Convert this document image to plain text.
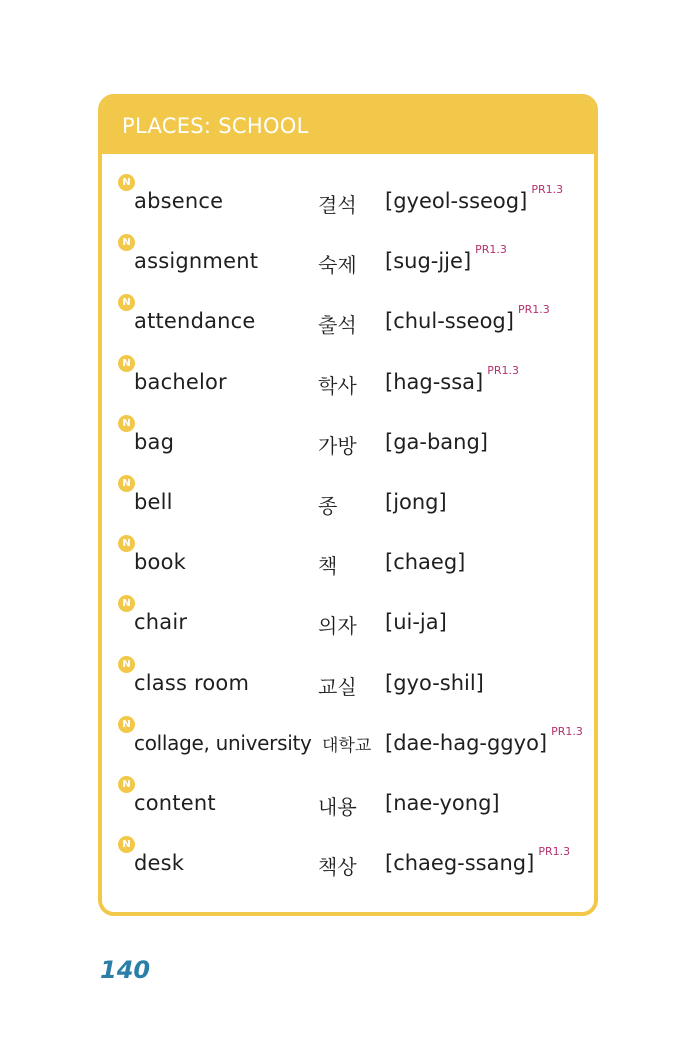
PLACES: SCHOOL
N
absence	결석 [gyeol-sseog] $^{PR1.3}$
N
assignment	숙제 [sug-jje] $^{PR1.3}$
N
attendance	출석 [chul-sseog] $^{PR1.3}$
N
bachelor	학사 [hag-ssa] $^{PR1.3}$
N
bag	가방 [ga-bang]
N
bell	종 [jong]
N
book	책 [chaeg]
N
chair	의자 [ui-ja]
N
class room	교실 [gyo-shil]
N
collage, university 대학교 [dae-hag-ggyo] $^{PR1.3}$
N
content	내용 [nae-yong]
N
desk	책상 [chaeg-ssang] $^{PR1.3}$
140
